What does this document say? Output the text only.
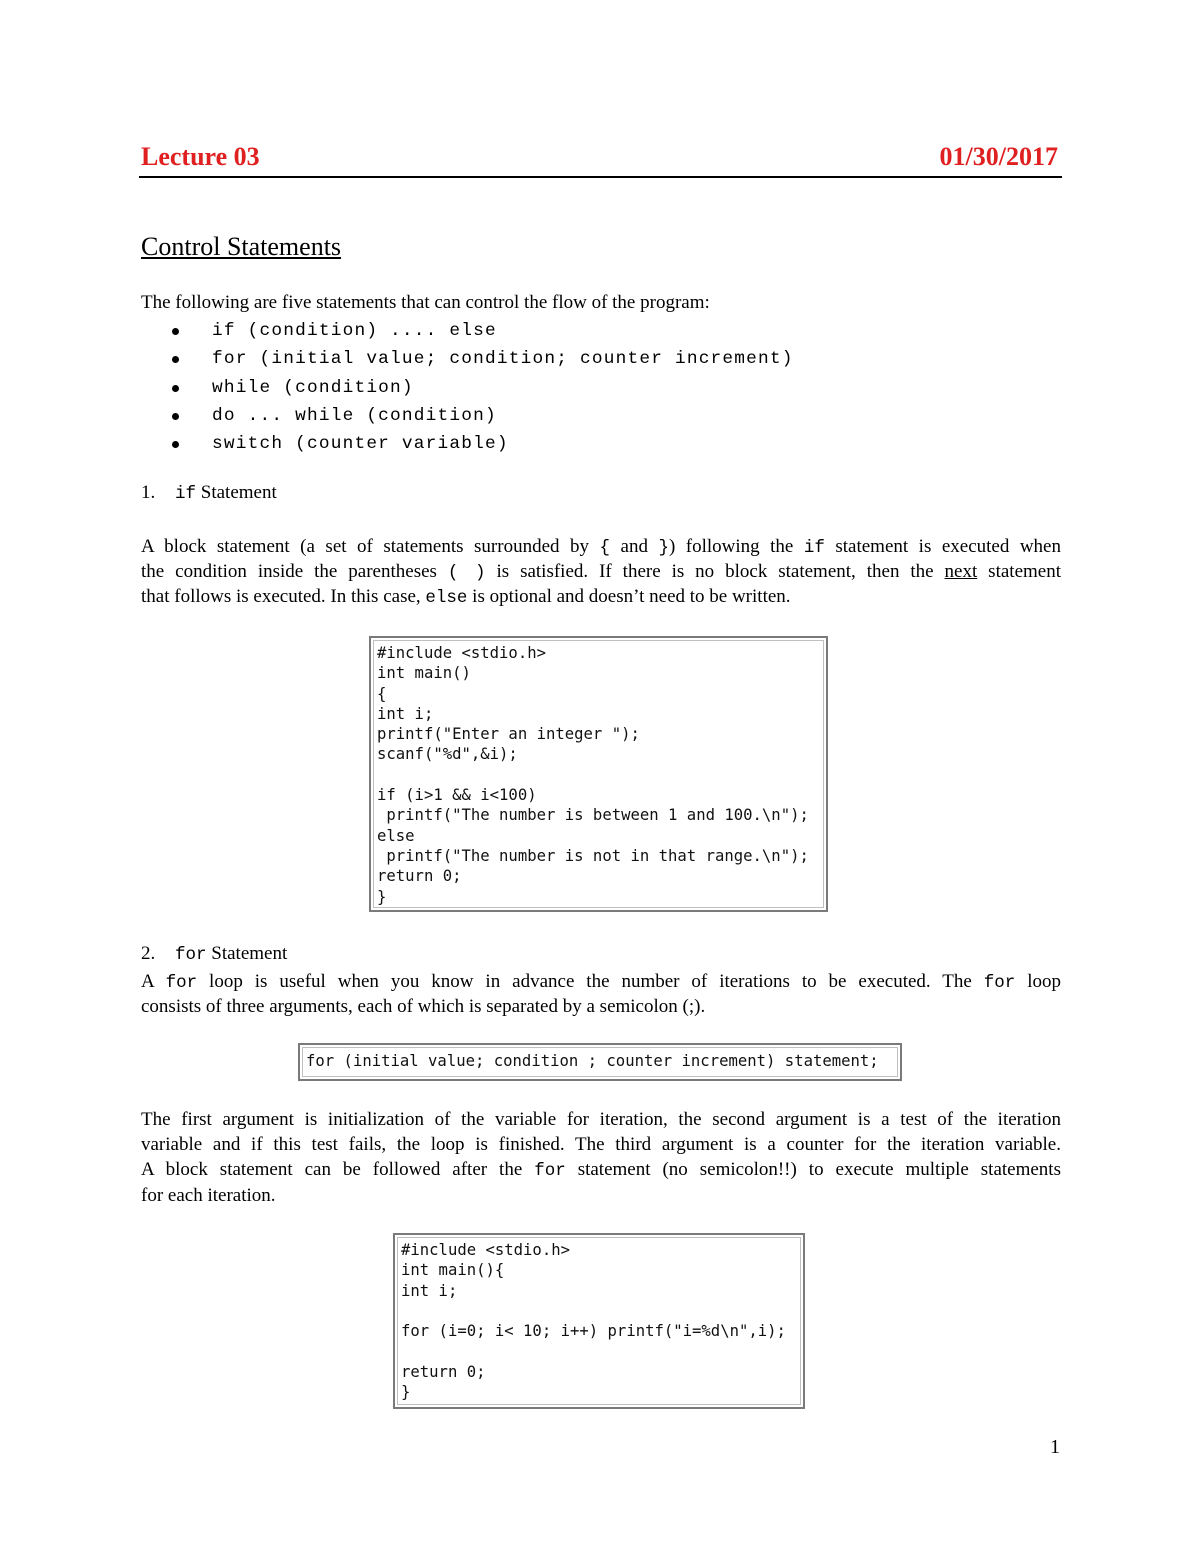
Lecture 03	01/30/2017
Control Statements
The following are five statements that can control the flow of the program:
if (condition) .... else
for (initial value; condition; counter increment)
while (condition)
do ... while (condition)
switch (counter variable)
1. if Statement
A block statement (a set of statements surrounded by { and }) following the if statement is executed when
the condition inside the parentheses ( ) is satisfied. If there is no block statement, then the next statement
that follows is executed. In this case, else is optional and doesn’t need to be written.
#include <stdio.h>
int main()
{
int i;
printf("Enter an integer ");
scanf("%d",&i);

if (i>1 && i<100)
printf("The number is between 1 and 100.\n");
else
printf("The number is not in that range.\n");
return 0;
}
2. for Statement
A for loop is useful when you know in advance the number of iterations to be executed. The for loop
consists of three arguments, each of which is separated by a semicolon (;).
for (initial value; condition ; counter increment) statement;
The first argument is initialization of the variable for iteration, the second argument is a test of the iteration
variable and if this test fails, the loop is finished. The third argument is a counter for the iteration variable.
A block statement can be followed after the for statement (no semicolon!!) to execute multiple statements
for each iteration.
#include <stdio.h>
int main(){
int i;

for (i=0; i< 10; i++) printf("i=%d\n",i);

return 0;
}
1
